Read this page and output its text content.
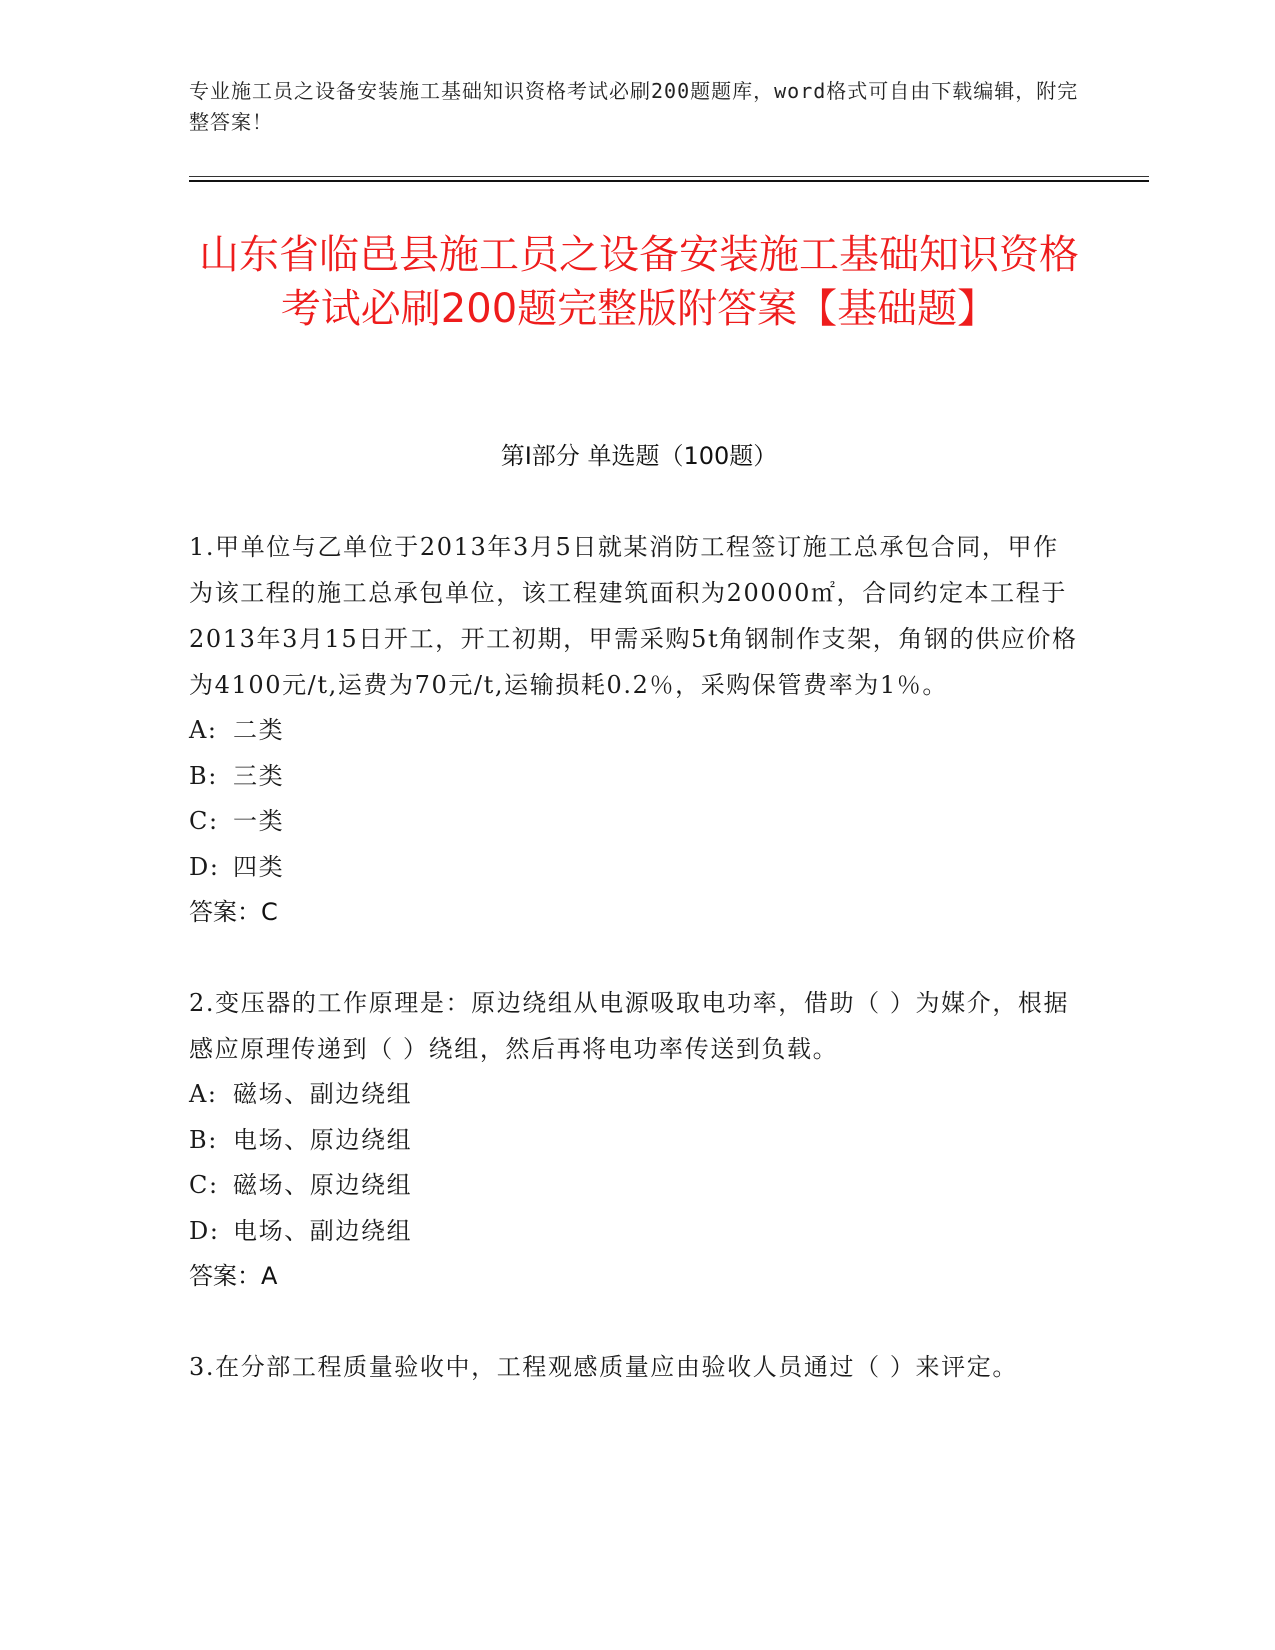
专业施工员之设备安装施工基础知识资格考试必刷200题题库，word格式可自由下载编辑，附完整答案！
山东省临邑县施工员之设备安装施工基础知识资格考试必刷200题完整版附答案【基础题】
第I部分 单选题（100题）

1.甲单位与乙单位于2013年3月5日就某消防工程签订施工总承包合同，甲作为该工程的施工总承包单位，该工程建筑面积为20000㎡，合同约定本工程于2013年3月15日开工，开工初期，甲需采购5t角钢制作支架，角钢的供应价格为4100元/t,运费为70元/t,运输损耗0.2％，采购保管费率为1％。

A: 二类

B: 三类

C: 一类

D: 四类

答案：C

2.变压器的工作原理是：原边绕组从电源吸取电功率，借助（ ）为媒介，根据感应原理传递到（ ）绕组，然后再将电功率传送到负载。

A: 磁场、副边绕组

B: 电场、原边绕组

C: 磁场、原边绕组

D: 电场、副边绕组

答案：A

3.在分部工程质量验收中，工程观感质量应由验收人员通过（ ）来评定。
